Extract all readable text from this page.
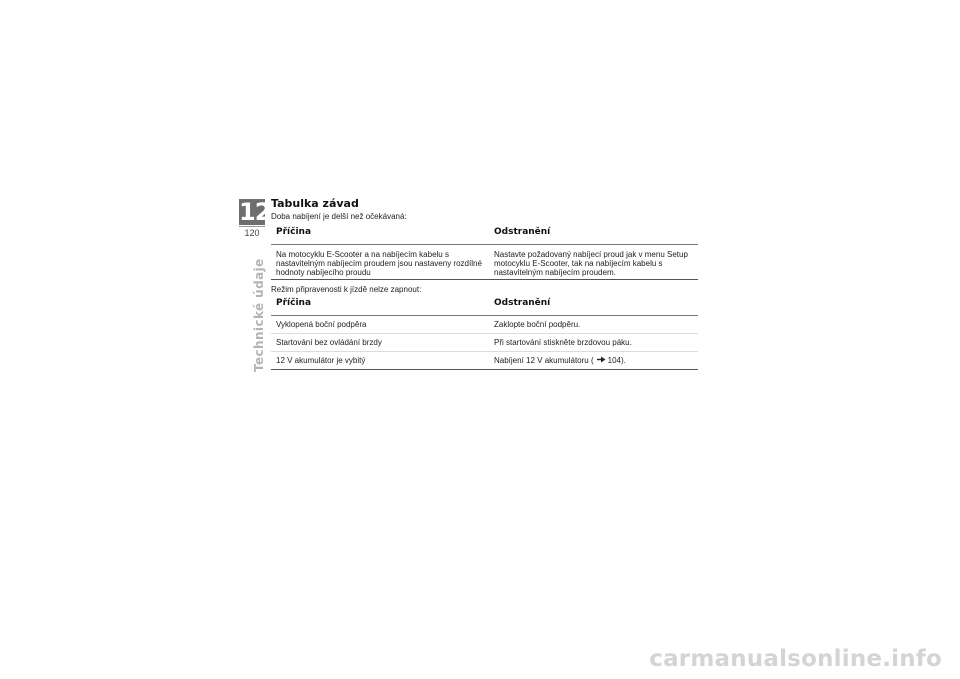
12
120
Technické údaje
Tabulka závad

Doba nabíjení je delší než očekávaná:

Příčina	Odstranění
Na motocyklu E-Scooter a na nabíjecím kabelu s nastavitelným nabíjecím proudem jsou nastaveny rozdílné hodnoty nabíjecího proudu	Nastavte požadovaný nabíjecí proud jak v menu Setup motocyklu E-Scooter, tak na nabíjecím kabelu s nastavitelným nabíjecím proudem.

Režim připravenosti k jízdě nelze zapnout:

Příčina	Odstranění
Vyklopená boční podpěra	Zaklopte boční podpěru.
Startování bez ovládání brzdy	Při startování stiskněte brzdovou páku.
12 V akumulátor je vybitý	Nabíjení 12 V akumulátoru ( 104).
carmanualsonline.info
